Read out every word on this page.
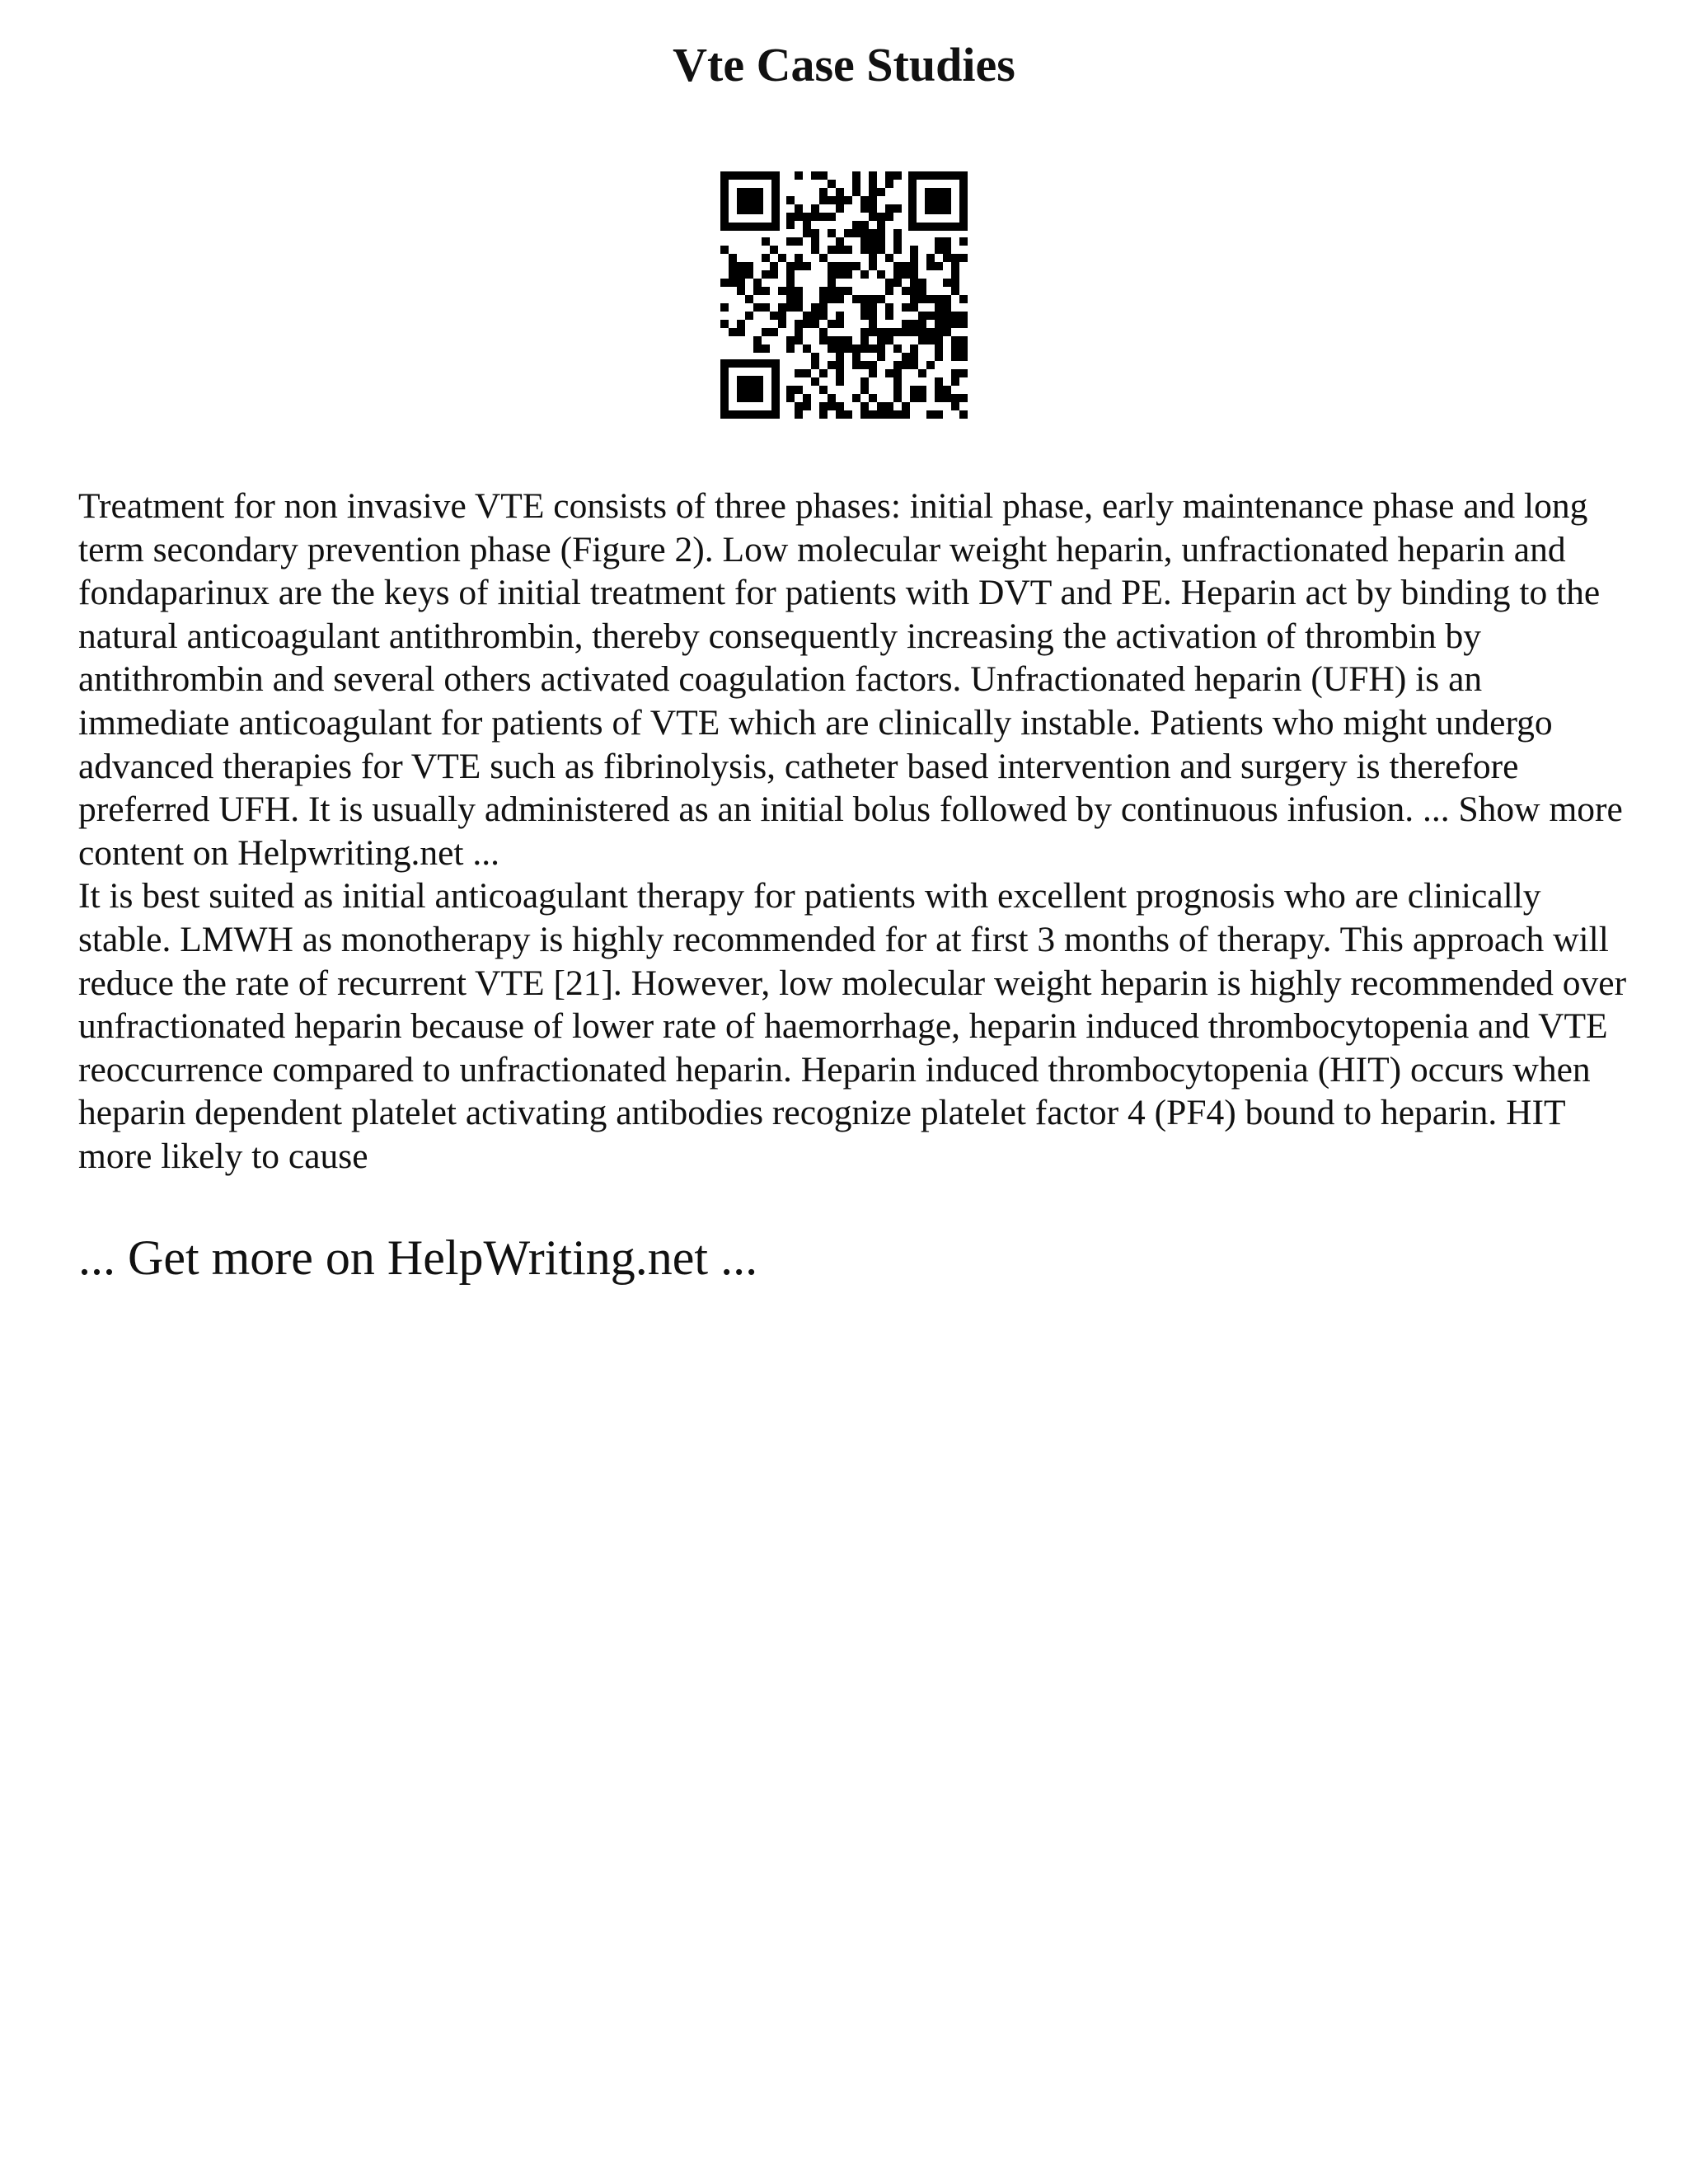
Vte Case Studies

Treatment for non invasive VTE consists of three phases: initial phase, early maintenance phase and long term secondary prevention phase (Figure 2). Low molecular weight heparin, unfractionated heparin and fondaparinux are the keys of initial treatment for patients with DVT and PE. Heparin act by binding to the natural anticoagulant antithrombin, thereby consequently increasing the activation of thrombin by antithrombin and several others activated coagulation factors. Unfractionated heparin (UFH) is an immediate anticoagulant for patients of VTE which are clinically instable. Patients who might undergo advanced therapies for VTE such as fibrinolysis, catheter based intervention and surgery is therefore preferred UFH. It is usually administered as an initial bolus followed by continuous infusion. ... Show more content on Helpwriting.net ...

It is best suited as initial anticoagulant therapy for patients with excellent prognosis who are clinically stable. LMWH as monotherapy is highly recommended for at first 3 months of therapy. This approach will reduce the rate of recurrent VTE [21]. However, low molecular weight heparin is highly recommended over unfractionated heparin because of lower rate of haemorrhage, heparin induced thrombocytopenia and VTE reoccurrence compared to unfractionated heparin. Heparin induced thrombocytopenia (HIT) occurs when heparin dependent platelet activating antibodies recognize platelet factor 4 (PF4) bound to heparin. HIT more likely to cause

... Get more on HelpWriting.net ...
